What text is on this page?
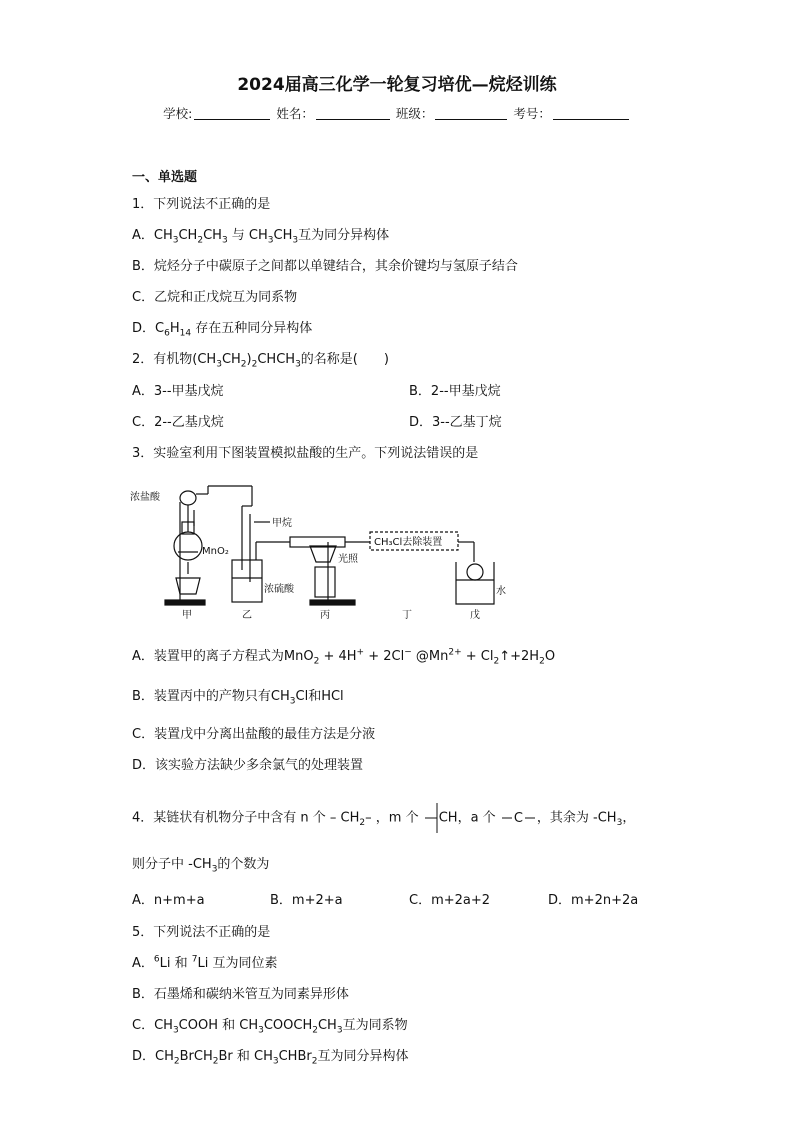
2024届高三化学一轮复习培优—烷烃训练
学校:	姓名：	班级：	考号：
一、单选题
1．下列说法不正确的是
A．$CH_3CH_2CH_3$ 与 $CH_3CH_3$互为同分异构体
B．烷烃分子中碳原子之间都以单键结合，其余价键均与氢原子结合
C．乙烷和正戊烷互为同系物
D．$C_6H_{14}$ 存在五种同分异构体
2．有机物$(CH_3CH_2)_2CHCH_3$的名称是(　　)
A．3--甲基戊烷	B．2--甲基戊烷
C．2--乙基戊烷	D．3--乙基丁烷
3．实验室利用下图装置模拟盐酸的生产。下列说法错误的是
浓盐酸
MnO₂
甲烷
光照
CH₃Cl去除装置
浓硫酸	水
甲	乙	丙	丁	戊
A．装置甲的离子方程式为MnO$_2$ + 4H+ + 2Cl− $@Mn^{2+}$ + $Cl_2↑+2H_2O$
B．装置丙中的产物只有$CH_3Cl$和HCl
C．装置戊中分离出盐酸的最佳方法是分液
D．该实验方法缺少多余氯气的处理装置
4．某链状有机物分子中含有 n 个 – $CH_2-$ ，m 个 CH，a 个 C ，其余为 $-CH_3$，
则分子中 $-CH_3$的个数为
A．n+m+a	B．m+2+a	C．m+2a+2	D．m+2n+2a
5．下列说法不正确的是
A．$^6$Li 和 $^7$Li 互为同位素
B．石墨烯和碳纳米管互为同素异形体
C．$CH_3COOH$ 和 $CH_3COOCH_2CH_3$互为同系物
D．$CH_2BrCH_2Br$ 和 $CH_3CHBr_2$互为同分异构体
